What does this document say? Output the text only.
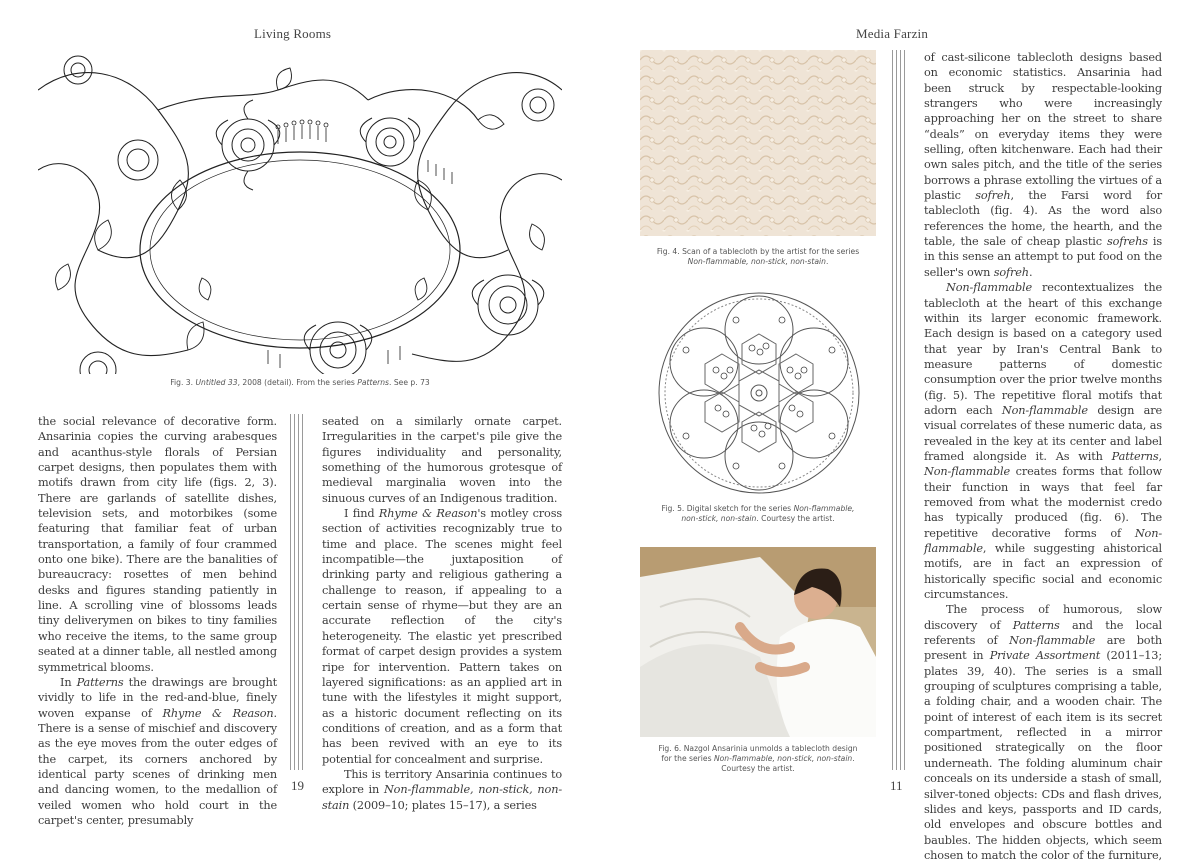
Living Rooms
Fig. 3. Untitled 33, 2008 (detail). From the series Patterns. See p. 73

the social relevance of decorative form. Ansarinia copies the curving arabesques and acanthus-style florals of Persian carpet designs, then populates them with motifs drawn from city life (figs. 2, 3). There are garlands of satellite dishes, television sets, and motorbikes (some featuring that familiar feat of urban transportation, a family of four crammed onto one bike). There are the banalities of bureaucracy: rosettes of men behind desks and figures standing patiently in line. A scrolling vine of blossoms leads tiny deliverymen on bikes to tiny families who receive the items, to the same group seated at a dinner table, all nestled among symmetrical blooms.

In Patterns the drawings are brought vividly to life in the red-and-blue, finely woven expanse of Rhyme & Reason. There is a sense of mischief and discovery as the eye moves from the outer edges of the carpet, its corners anchored by identical party scenes of drinking men and dancing women, to the medallion of veiled women who hold court in the carpet's center, presumably

seated on a similarly ornate carpet. Irregularities in the carpet's pile give the figures individuality and personality, something of the humorous grotesque of medieval marginalia woven into the sinuous curves of an Indigenous tradition.

I find Rhyme & Reason's motley cross section of activities recognizably true to time and place. The scenes might feel incompatible—the juxtaposition of drinking party and religious gathering a challenge to reason, if appealing to a certain sense of rhyme—but they are an accurate reflection of the city's heterogeneity. The elastic yet prescribed format of carpet design provides a system ripe for intervention. Pattern takes on layered significations: as an applied art in tune with the lifestyles it might support, as a historic document reflecting on its conditions of creation, and as a form that has been revived with an eye to its potential for concealment and surprise.

This is territory Ansarinia continues to explore in Non-flammable, non-stick, non-stain (2009–10; plates 15–17), a series

19
Media Farzin
Fig. 4. Scan of a tablecloth by the artist for the series
Non-flammable, non-stick, non-stain.
Fig. 5. Digital sketch for the series Non-flammable,
non-stick, non-stain. Courtesy the artist.
Fig. 6. Nazgol Ansarinia unmolds a tablecloth design
for the series Non-flammable, non-stick, non-stain.
Courtesy the artist.

of cast-silicone tablecloth designs based on economic statistics. Ansarinia had been struck by respectable-looking strangers who were increasingly approaching her on the street to share “deals” on everyday items they were selling, often kitchenware. Each had their own sales pitch, and the title of the series borrows a phrase extolling the virtues of a plastic sofreh, the Farsi word for tablecloth (fig. 4). As the word also references the home, the hearth, and the table, the sale of cheap plastic sofrehs is in this sense an attempt to put food on the seller's own sofreh.

Non-flammable recontextualizes the tablecloth at the heart of this exchange within its larger economic framework. Each design is based on a category used that year by Iran's Central Bank to measure patterns of domestic consumption over the prior twelve months (fig. 5). The repetitive floral motifs that adorn each Non-flammable design are visual correlates of these numeric data, as revealed in the key at its center and label framed alongside it. As with Patterns, Non-flammable creates forms that follow their function in ways that feel far removed from what the modernist credo has typically produced (fig. 6). The repetitive decorative forms of Non-flammable, while suggesting ahistorical motifs, are in fact an expression of historically specific social and economic circumstances.

The process of humorous, slow discovery of Patterns and the local referents of Non-flammable are both present in Private Assortment (2011–13; plates 39, 40). The series is a small grouping of sculptures comprising a table, a folding chair, and a wooden chair. The point of interest of each item is its secret compartment, reflected in a mirror positioned strategically on the floor underneath. The folding aluminum chair conceals on its underside a stash of small, silver-toned objects: CDs and flash drives, slides and keys, passports and ID cards, old envelopes and obscure bottles and baubles. The hidden objects, which seem chosen to match the color of the furniture,

11
